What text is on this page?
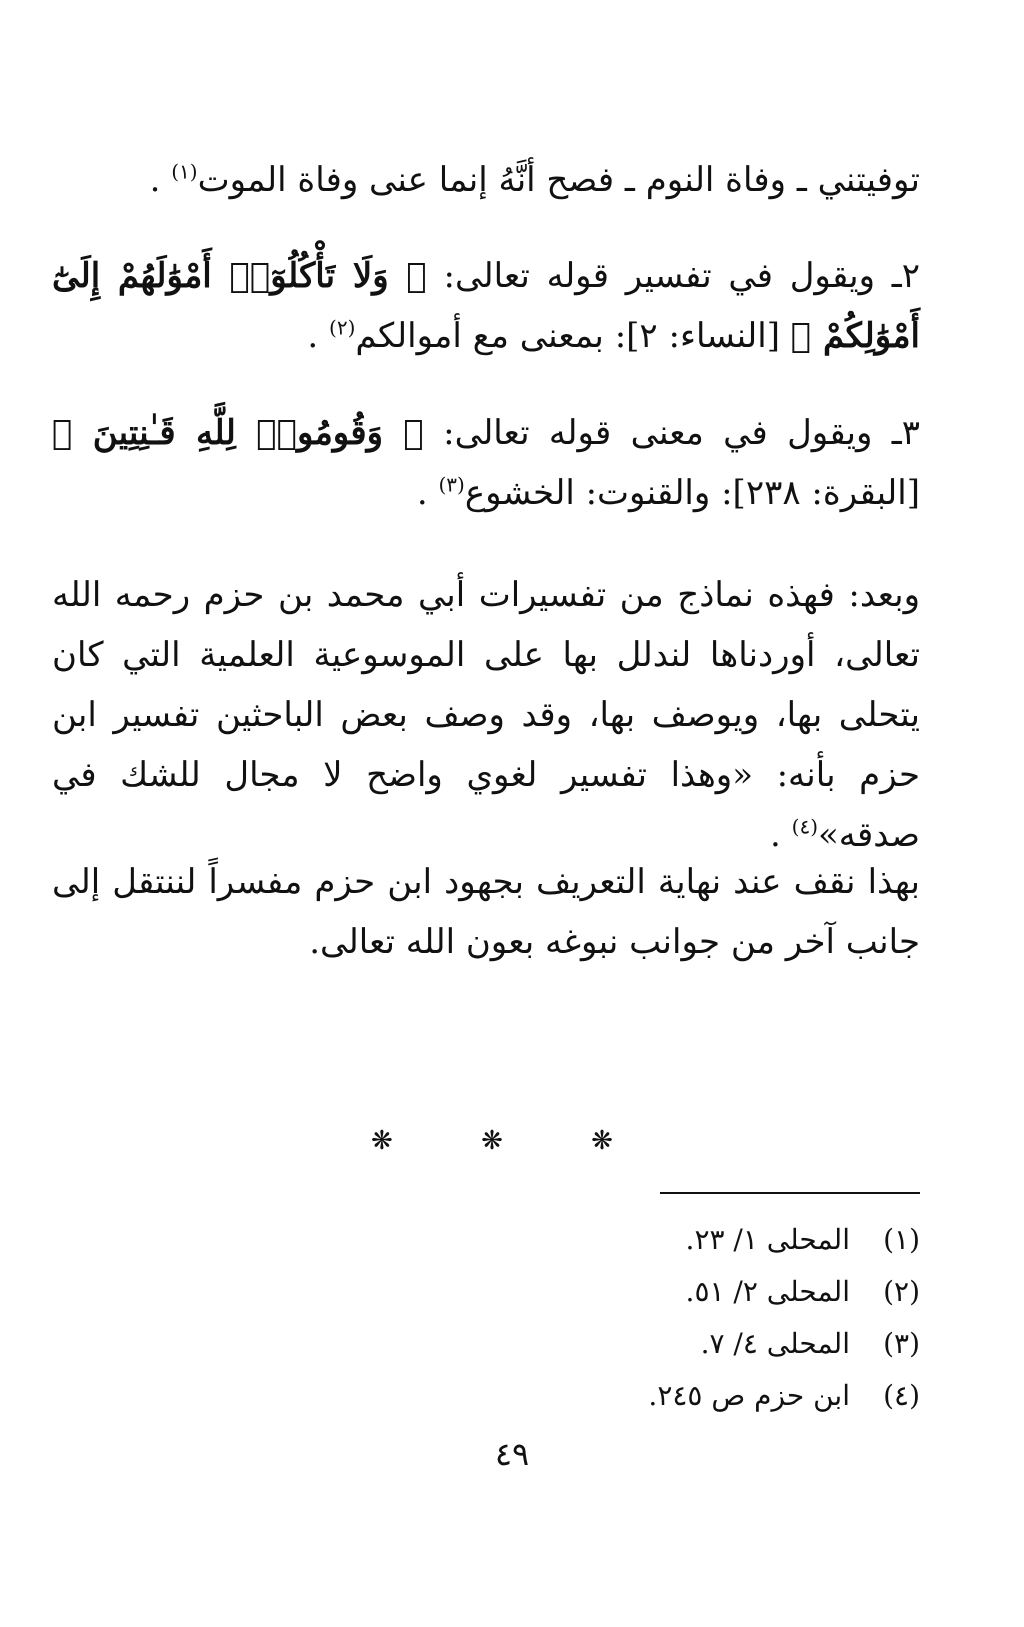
توفيتني ـ وفاة النوم ـ فصح أنَّهُ إنما عنى وفاة الموت$^{(١)}$ .

٢ـ ويقول في تفسير قوله تعالى: ﴿ وَلَا تَأْكُلُوٓا۟ أَمْوَٰلَهُمْ إِلَىٰٓ أَمْوَٰلِكُمْ ﴾ [النساء: ٢]: بمعنى مع أموالكم$^{(٢)}$ .

٣ـ ويقول في معنى قوله تعالى: ﴿ وَقُومُوا۟ لِلَّهِ قَـٰنِتِينَ ﴾ [البقرة: ٢٣٨]: والقنوت: الخشوع$^{(٣)}$ .

وبعد: فهذه نماذج من تفسيرات أبي محمد بن حزم رحمه الله تعالى، أوردناها لندلل بها على الموسوعية العلمية التي كان يتحلى بها، ويوصف بها، وقد وصف بعض الباحثين تفسير ابن حزم بأنه: «وهذا تفسير لغوي واضح لا مجال للشك في صدقه»$^{(٤)}$ .

بهذا نقف عند نهاية التعريف بجهود ابن حزم مفسراً لننتقل إلى جانب آخر من جوانب نبوغه بعون الله تعالى.

❋ ❋ ❋

(١)المحلى ١/ ٢٣.
(٢)المحلى ٢/ ٥١.
(٣)المحلى ٤/ ٧.
(٤)ابن حزم ص ٢٤٥.

٤٩
